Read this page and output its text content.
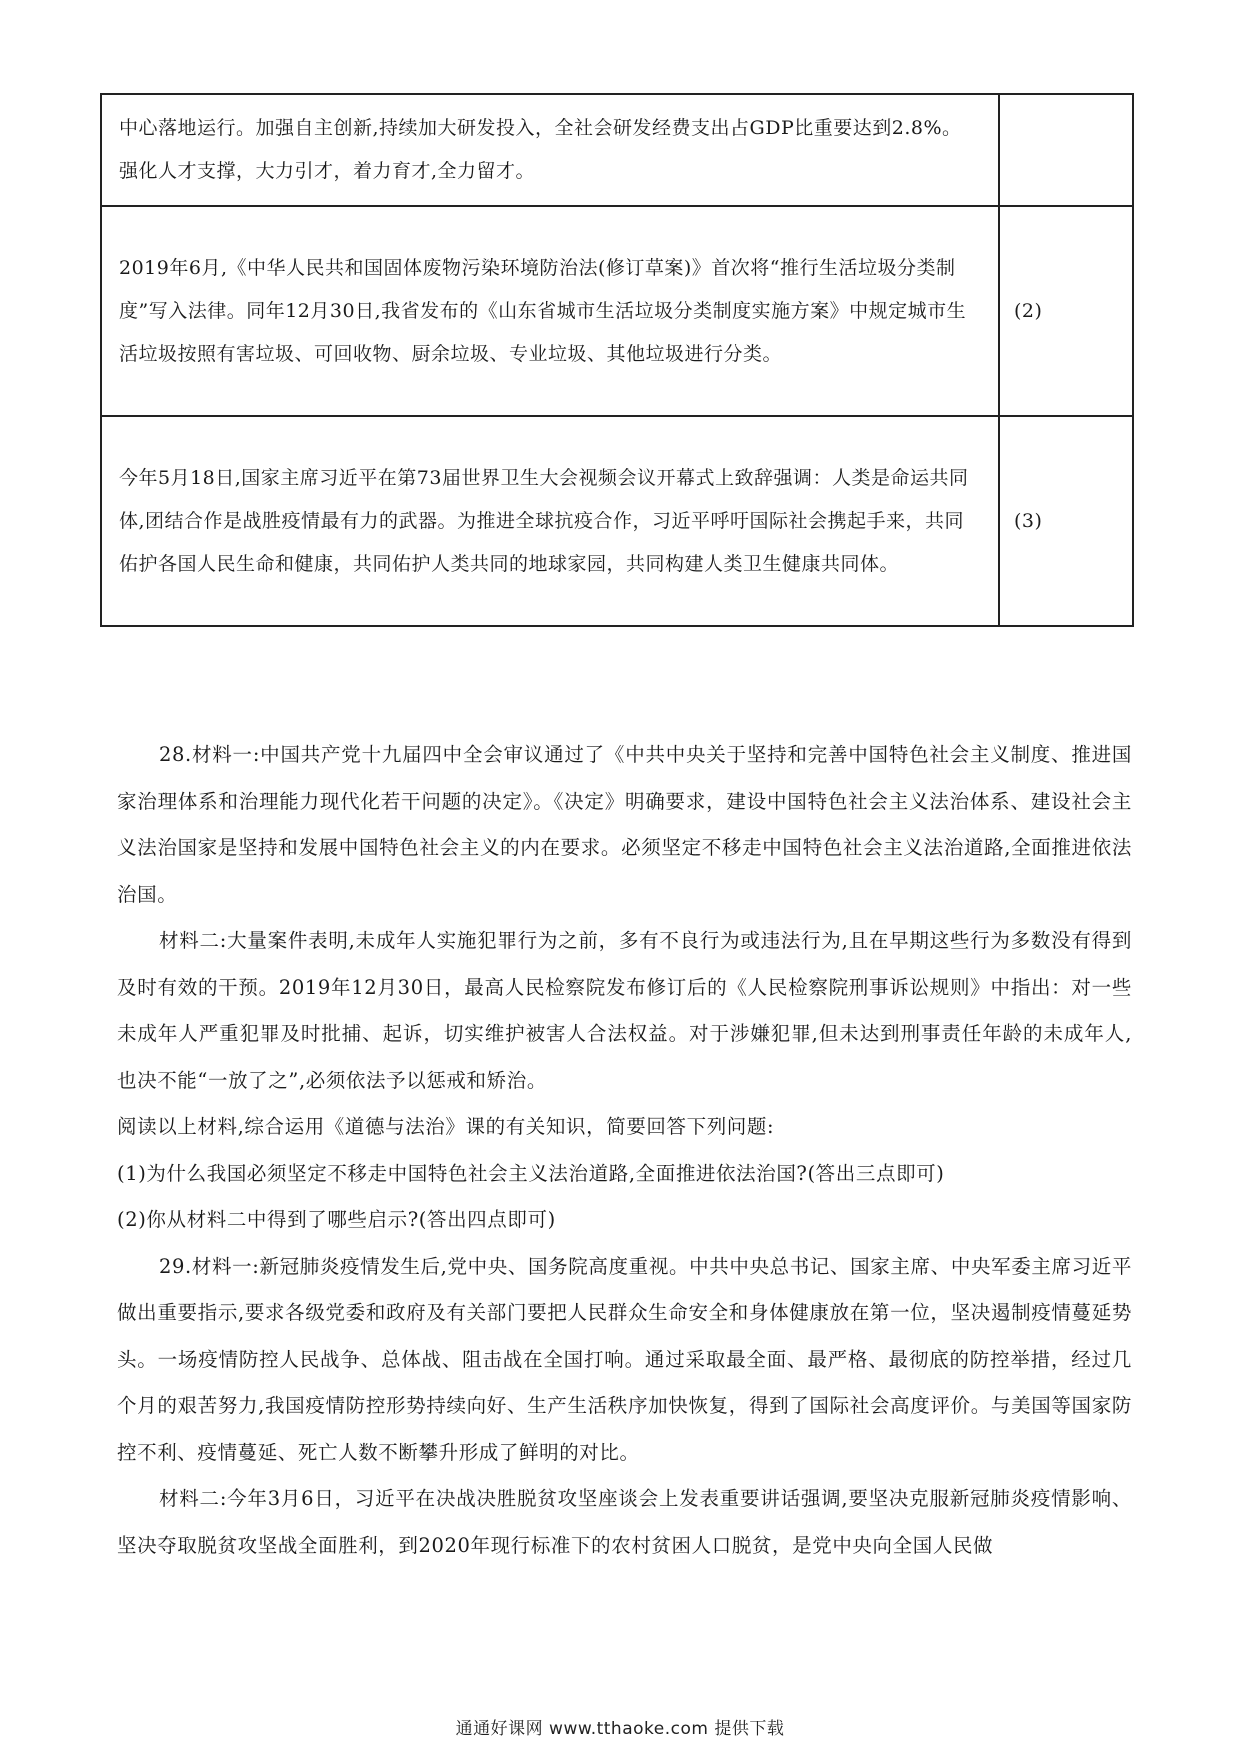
中心落地运行。加强自主创新,持续加大研发投入，全社会研发经费支出占GDP比重要达到2.8%。强化人才支撑，大力引才，着力育才,全力留才。	

2019年6月,《中华人民共和国固体废物污染环境防治法(修订草案)》首次将“推行生活垃圾分类制度”写入法律。同年12月30日,我省发布的《山东省城市生活垃圾分类制度实施方案》中规定城市生活垃圾按照有害垃圾、可回收物、厨余垃圾、专业垃圾、其他垃圾进行分类。	(2)

今年5月18日,国家主席习近平在第73届世界卫生大会视频会议开幕式上致辞强调：人类是命运共同体,团结合作是战胜疫情最有力的武器。为推进全球抗疫合作，习近平呼吁国际社会携起手来，共同佑护各国人民生命和健康，共同佑护人类共同的地球家园，共同构建人类卫生健康共同体。	(3)

28.材料一:中国共产党十九届四中全会审议通过了《中共中央关于坚持和完善中国特色社会主义制度、推进国家治理体系和治理能力现代化若干问题的决定》。《决定》明确要求，建设中国特色社会主义法治体系、建设社会主义法治国家是坚持和发展中国特色社会主义的内在要求。必须坚定不移走中国特色社会主义法治道路,全面推进依法治国。

材料二:大量案件表明,未成年人实施犯罪行为之前，多有不良行为或违法行为,且在早期这些行为多数没有得到及时有效的干预。2019年12月30日，最高人民检察院发布修订后的《人民检察院刑事诉讼规则》中指出：对一些未成年人严重犯罪及时批捕、起诉，切实维护被害人合法权益。对于涉嫌犯罪,但未达到刑事责任年龄的未成年人,也决不能“一放了之”,必须依法予以惩戒和矫治。

阅读以上材料,综合运用《道德与法治》课的有关知识，简要回答下列问题:

(1)为什么我国必须坚定不移走中国特色社会主义法治道路,全面推进依法治国?(答出三点即可)

(2)你从材料二中得到了哪些启示?(答出四点即可)

29.材料一:新冠肺炎疫情发生后,党中央、国务院高度重视。中共中央总书记、国家主席、中央军委主席习近平做出重要指示,要求各级党委和政府及有关部门要把人民群众生命安全和身体健康放在第一位，坚决遏制疫情蔓延势头。一场疫情防控人民战争、总体战、阻击战在全国打响。通过采取最全面、最严格、最彻底的防控举措，经过几个月的艰苦努力,我国疫情防控形势持续向好、生产生活秩序加快恢复，得到了国际社会高度评价。与美国等国家防控不利、疫情蔓延、死亡人数不断攀升形成了鲜明的对比。

材料二:今年3月6日，习近平在决战决胜脱贫攻坚座谈会上发表重要讲话强调,要坚决克服新冠肺炎疫情影响、坚决夺取脱贫攻坚战全面胜利，到2020年现行标准下的农村贫困人口脱贫，是党中央向全国人民做

通通好课网 www.tthaoke.com 提供下载
